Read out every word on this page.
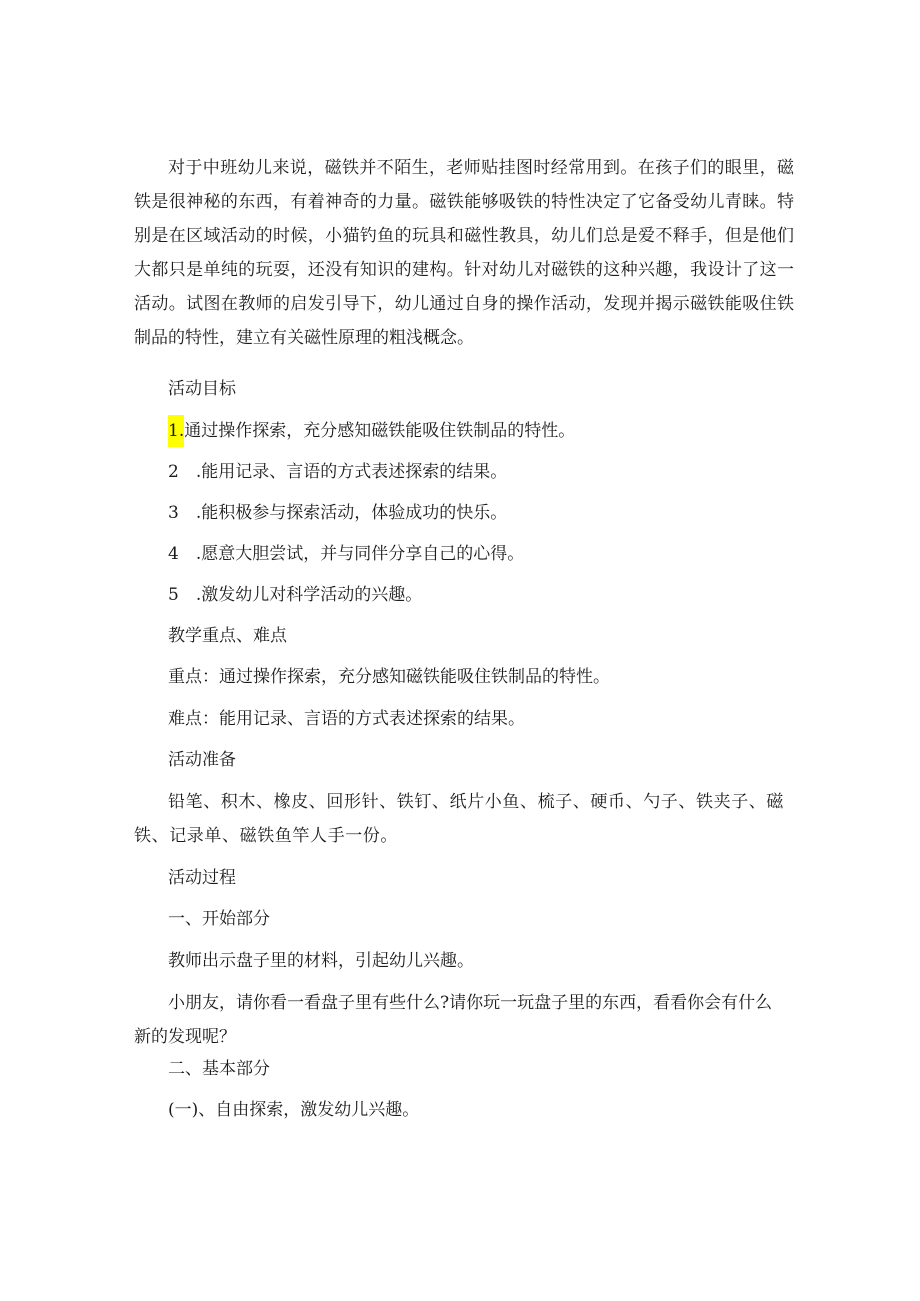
对于中班幼儿来说，磁铁并不陌生，老师贴挂图时经常用到。在孩子们的眼里，磁铁是很神秘的东西，有着神奇的力量。磁铁能够吸铁的特性决定了它备受幼儿青睐。特别是在区域活动的时候，小猫钓鱼的玩具和磁性教具，幼儿们总是爱不释手，但是他们大都只是单纯的玩耍，还没有知识的建构。针对幼儿对磁铁的这种兴趣，我设计了这一活动。试图在教师的启发引导下，幼儿通过自身的操作活动，发现并揭示磁铁能吸住铁制品的特性，建立有关磁性原理的粗浅概念。

活动目标

1.通过操作探索，充分感知磁铁能吸住铁制品的特性。

2　.能用记录、言语的方式表述探索的结果。

3　.能积极参与探索活动，体验成功的快乐。

4　.愿意大胆尝试，并与同伴分享自己的心得。

5　.激发幼儿对科学活动的兴趣。

教学重点、难点

重点：通过操作探索，充分感知磁铁能吸住铁制品的特性。

难点：能用记录、言语的方式表述探索的结果。

活动准备

铅笔、积木、橡皮、回形针、铁钉、纸片小鱼、梳子、硬币、勺子、铁夹子、磁铁、记录单、磁铁鱼竿人手一份。

活动过程

一、开始部分

教师出示盘子里的材料，引起幼儿兴趣。

小朋友，请你看一看盘子里有些什么?请你玩一玩盘子里的东西，看看你会有什么新的发现呢？

二、基本部分

(一)、自由探索，激发幼儿兴趣。
